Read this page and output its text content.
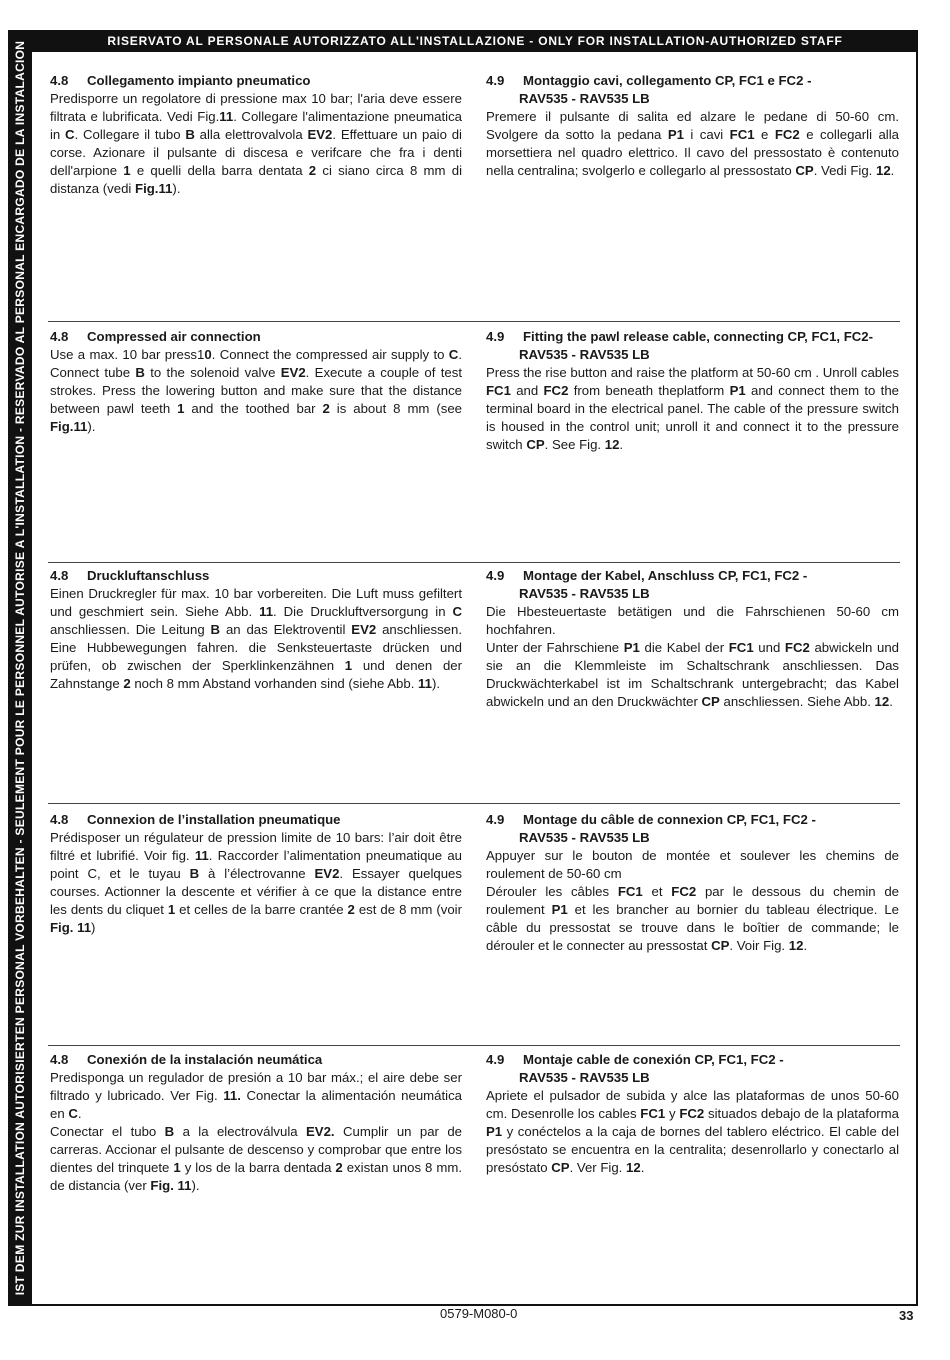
IST DEM ZUR INSTALLATION AUTORISIERTEN PERSONAL VORBEHALTEN - SEULEMENT POUR LE PERSONNEL AUTORISE A L'INSTALLATION - RESERVADO AL PERSONAL ENCARGADO DE LA INSTALACION	RISERVATO AL PERSONALE AUTORIZZATO ALL'INSTALLAZIONE - ONLY FOR INSTALLATION-AUTHORIZED STAFF
4.8	Collegamento impianto pneumatico
Predisporre un regolatore di pressione max 10 bar; l'aria deve essere filtrata e lubrificata. Vedi Fig.11. Collegare l'alimentazione pneumatica in C. Collegare il tubo B alla elettrovalvola EV2. Effettuare un paio di corse. Azionare il pulsante di discesa e verifcare che fra i denti dell'arpione 1 e quelli della barra dentata 2 ci siano circa 8 mm di distanza (vedi Fig.11).
4.9	Montaggio cavi, collegamento CP, FC1 e FC2 -
RAV535 - RAV535 LB
Premere il pulsante di salita ed alzare le pedane di 50-60 cm. Svolgere da sotto la pedana P1 i cavi FC1 e FC2 e collegarli alla morsettiera nel quadro elettrico. Il cavo del pressostato è contenuto nella centralina; svolgerlo e collegarlo al pressostato CP. Vedi Fig. 12.
4.8	Compressed air connection
Use a max. 10 bar press10. Connect the compressed air supply to C. Connect tube B to the solenoid valve EV2. Execute a couple of test strokes. Press the lowering button and make sure that the distance between pawl teeth 1 and the toothed bar 2 is about 8 mm (see Fig.11).
4.9	Fitting the pawl release cable, connecting CP, FC1, FC2-
RAV535 - RAV535 LB
Press the rise button and raise the platform at 50-60 cm . Unroll cables FC1 and FC2 from beneath theplatform P1 and connect them to the terminal board in the electrical panel. The cable of the pressure switch is housed in the control unit; unroll it and connect it to the pressure switch CP. See Fig. 12.
4.8	Druckluftanschluss
Einen Druckregler für max. 10 bar vorbereiten. Die Luft muss gefiltert und geschmiert sein. Siehe Abb. 11. Die Druckluftversorgung in C anschliessen. Die Leitung B an das Elektroventil EV2 anschliessen. Eine Hubbewegungen fahren. die Senksteuertaste drücken und prüfen, ob zwischen der Sperklinkenzähnen 1 und denen der Zahnstange 2 noch 8 mm Abstand vorhanden sind (siehe Abb. 11).
4.9	Montage der Kabel, Anschluss CP, FC1, FC2 -
RAV535 - RAV535 LB

Die Hbesteuertaste betätigen und die Fahrschienen 50-60 cm hochfahren.

Unter der Fahrschiene P1 die Kabel der FC1 und FC2 abwickeln und sie an die Klemmleiste im Schaltschrank anschliessen. Das Druckwächterkabel ist im Schaltschrank untergebracht; das Kabel abwickeln und an den Druckwächter CP anschliessen. Siehe Abb. 12.

4.8	Connexion de l’installation pneumatique
Prédisposer un régulateur de pression limite de 10 bars: l’air doit être filtré et lubrifié. Voir fig. 11. Raccorder l’alimentation pneumatique au point C, et le tuyau B à l’électrovanne EV2. Essayer quelques courses. Actionner la descente et vérifier à ce que la distance entre les dents du cliquet 1 et celles de la barre crantée 2 est de 8 mm (voir Fig. 11)
4.9	Montage du câble de connexion CP, FC1, FC2 -
RAV535 - RAV535 LB

Appuyer sur le bouton de montée et soulever les chemins de roulement de 50-60 cm

Dérouler les câbles FC1 et FC2 par le dessous du chemin de roulement P1 et les brancher au bornier du tableau électrique. Le câble du pressostat se trouve dans le boîtier de commande; le dérouler et le connecter au pressostat CP. Voir Fig. 12.

4.8	Conexión de la instalación neumática

Predisponga un regulador de presión a 10 bar máx.; el aire debe ser filtrado y lubricado. Ver Fig. 11. Conectar la alimentación neumática en C.

Conectar el tubo B a la electroválvula EV2. Cumplir un par de carreras. Accionar el pulsante de descenso y comprobar que entre los dientes del trinquete 1 y los de la barra dentada 2 existan unos 8 mm. de distancia (ver Fig. 11).

4.9	Montaje cable de conexión CP, FC1, FC2 -
RAV535 - RAV535 LB
Apriete el pulsador de subida y alce las plataformas de unos 50-60 cm. Desenrolle los cables FC1 y FC2 situados debajo de la plataforma P1 y conéctelos a la caja de bornes del tablero eléctrico. El cable del presóstato se encuentra en la centralita; desenrollarlo y conectarlo al presóstato CP. Ver Fig. 12.
0579-M080-0	33
